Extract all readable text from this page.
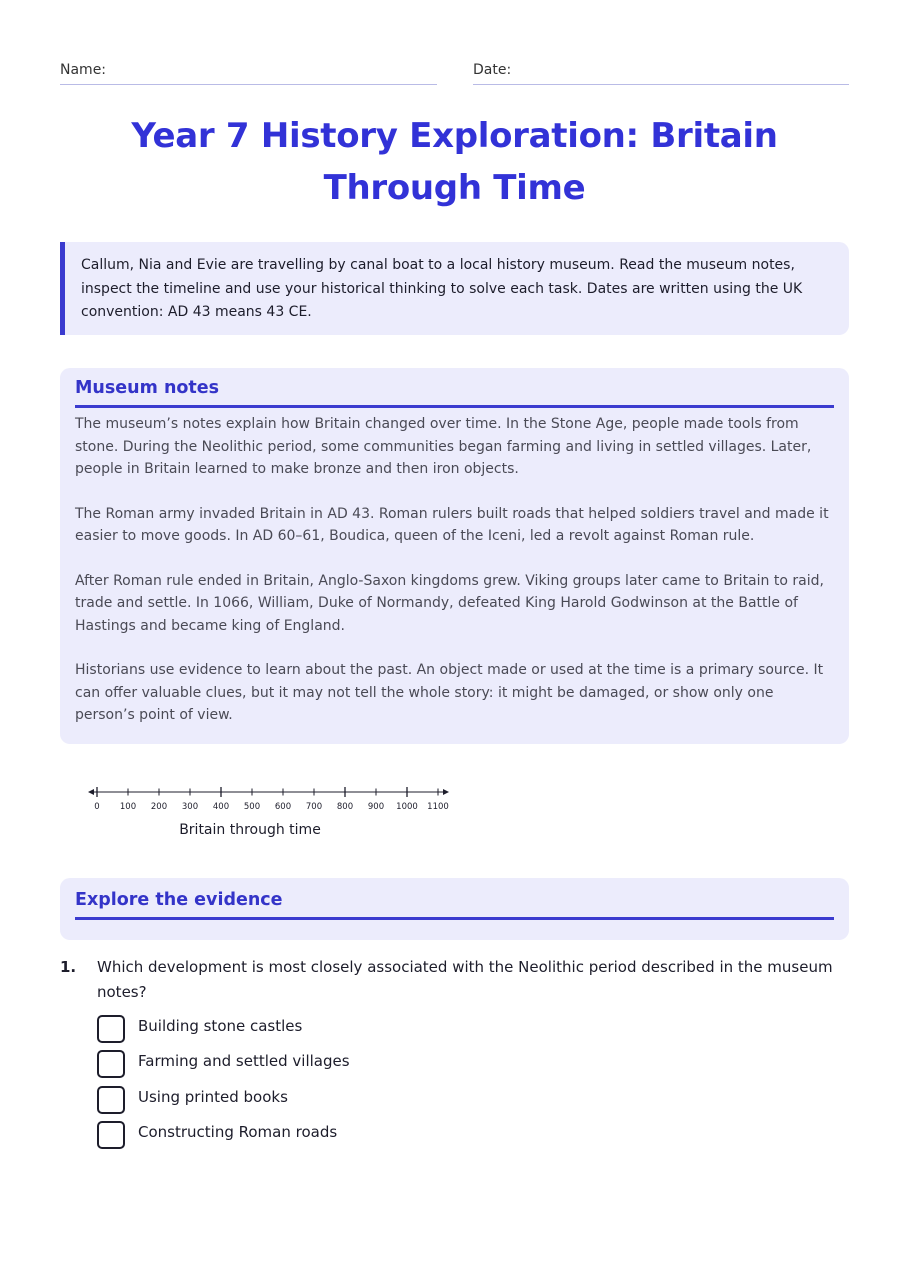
Name:	Date:
Year 7 History Exploration: Britain Through Time
Callum, Nia and Evie are travelling by canal boat to a local history museum. Read the museum notes, inspect the timeline and use your historical thinking to solve each task. Dates are written using the UK convention: AD 43 means 43 CE.
Museum notes

The museum’s notes explain how Britain changed over time. In the Stone Age, people made tools from stone. During the Neolithic period, some communities began farming and living in settled villages. Later, people in Britain learned to make bronze and then iron objects.

The Roman army invaded Britain in AD 43. Roman rulers built roads that helped soldiers travel and made it easier to move goods. In AD 60–61, Boudica, queen of the Iceni, led a revolt against Roman rule.

After Roman rule ended in Britain, Anglo-Saxon kingdoms grew. Viking groups later came to Britain to raid, trade and settle. In 1066, William, Duke of Normandy, defeated King Harold Godwinson at the Battle of Hastings and became king of England.

Historians use evidence to learn about the past. An object made or used at the time is a primary source. It can offer valuable clues, but it may not tell the whole story: it might be damaged, or show only one person’s point of view.

0 100 200 300 400 500 600 700 800 900 1000 1100
Britain through time
Explore the evidence
1. Which development is most closely associated with the Neolithic period described in the museum notes?
Building stone castles
Farming and settled villages
Using printed books
Constructing Roman roads
